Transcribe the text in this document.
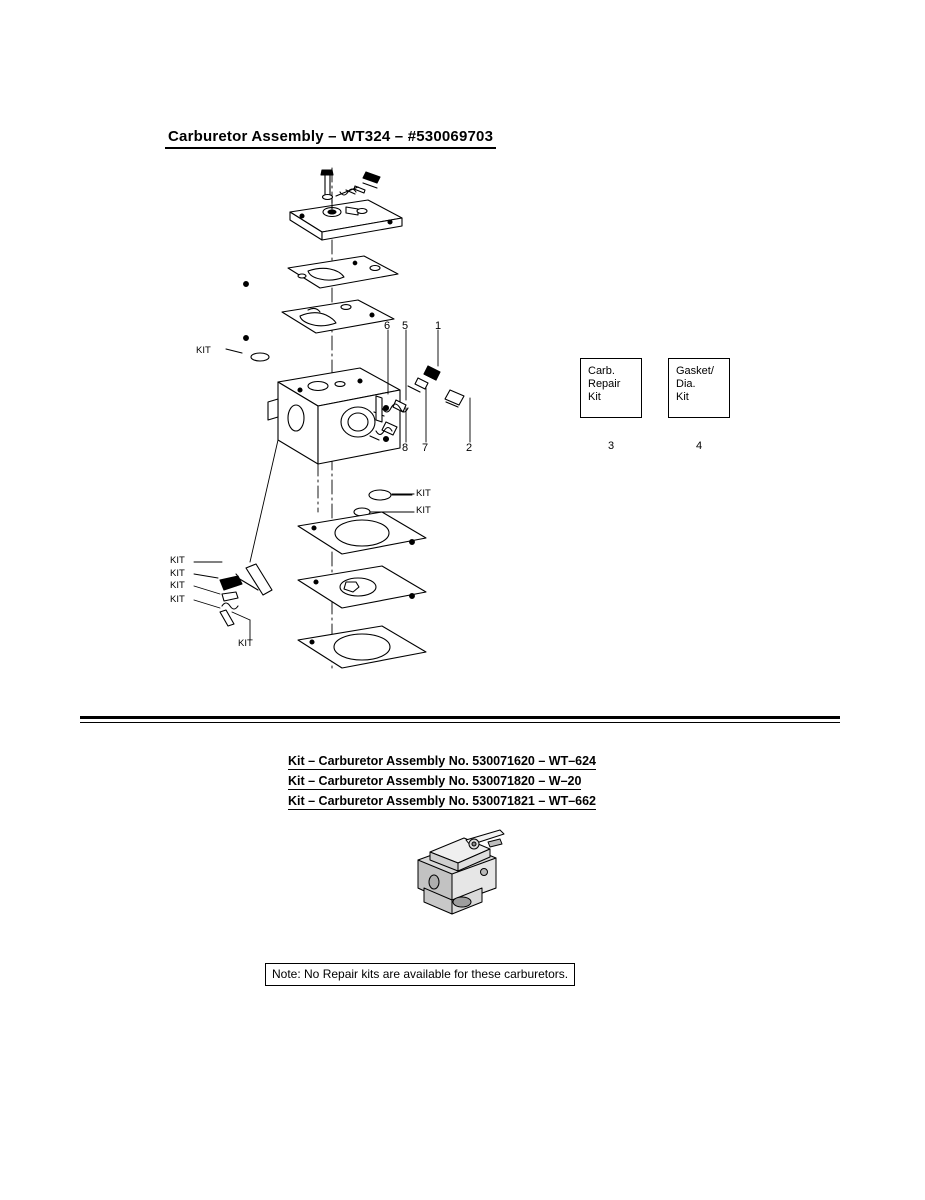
Carburetor Assembly – WT324 – #530069703
6 5 1
8 7	2
KIT
KIT
KIT
KIT
KIT
KIT
KIT
KIT
Carb.
Repair
Kit
Gasket/
Dia.
Kit
3	4
Kit – Carburetor Assembly No. 530071620 – WT–624
Kit – Carburetor Assembly No. 530071820 – W–20
Kit – Carburetor Assembly No. 530071821 – WT–662
Note: No Repair kits are available for these carburetors.
